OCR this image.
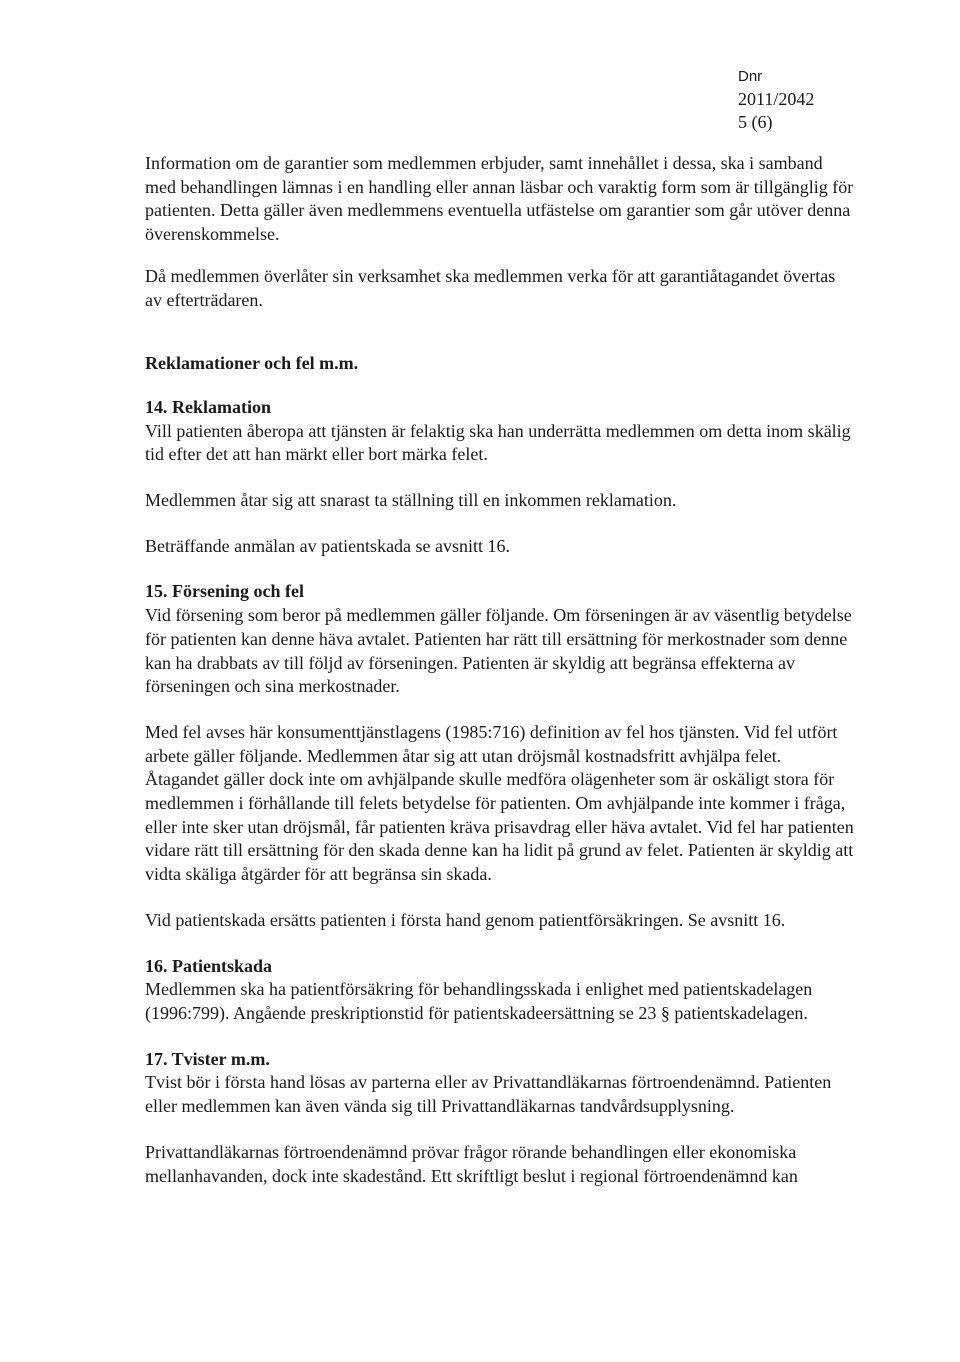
Dnr
2011/2042
5 (6)

Information om de garantier som medlemmen erbjuder, samt innehållet i dessa, ska i samband med behandlingen lämnas i en handling eller annan läsbar och varaktig form som är tillgänglig för patienten. Detta gäller även medlemmens eventuella utfästelse om garantier som går utöver denna överenskommelse.

Då medlemmen överlåter sin verksamhet ska medlemmen verka för att garantiåtagandet övertas av efterträdaren.

Reklamationer och fel m.m.

14. Reklamation

Vill patienten åberopa att tjänsten är felaktig ska han underrätta medlemmen om detta inom skälig tid efter det att han märkt eller bort märka felet.

Medlemmen åtar sig att snarast ta ställning till en inkommen reklamation.

Beträffande anmälan av patientskada se avsnitt 16.

15. Försening och fel

Vid försening som beror på medlemmen gäller följande. Om förseningen är av väsentlig betydelse för patienten kan denne häva avtalet. Patienten har rätt till ersättning för merkostnader som denne kan ha drabbats av till följd av förseningen. Patienten är skyldig att begränsa effekterna av förseningen och sina merkostnader.

Med fel avses här konsumenttjänstlagens (1985:716) definition av fel hos tjänsten. Vid fel utfört arbete gäller följande. Medlemmen åtar sig att utan dröjsmål kostnadsfritt avhjälpa felet. Åtagandet gäller dock inte om avhjälpande skulle medföra olägenheter som är oskäligt stora för medlemmen i förhållande till felets betydelse för patienten. Om avhjälpande inte kommer i fråga, eller inte sker utan dröjsmål, får patienten kräva prisavdrag eller häva avtalet. Vid fel har patienten vidare rätt till ersättning för den skada denne kan ha lidit på grund av felet. Patienten är skyldig att vidta skäliga åtgärder för att begränsa sin skada.

Vid patientskada ersätts patienten i första hand genom patientförsäkringen. Se avsnitt 16.

16. Patientskada

Medlemmen ska ha patientförsäkring för behandlingsskada i enlighet med patientskadelagen (1996:799). Angående preskriptionstid för patientskadeersättning se 23 § patientskadelagen.

17. Tvister m.m.

Tvist bör i första hand lösas av parterna eller av Privattandläkarnas förtroendenämnd. Patienten eller medlemmen kan även vända sig till Privattandläkarnas tandvårdsupplysning.

Privattandläkarnas förtroendenämnd prövar frågor rörande behandlingen eller ekonomiska mellanhavanden, dock inte skadestånd. Ett skriftligt beslut i regional förtroendenämnd kan
